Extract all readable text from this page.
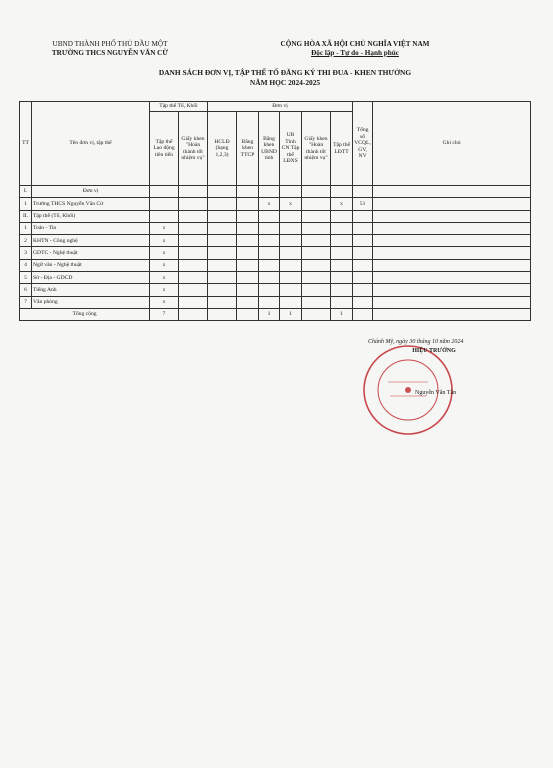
UBND THÀNH PHỐ THỦ DẦU MỘT
TRƯỜNG THCS NGUYỄN VĂN CỪ
CỘNG HÒA XÃ HỘI CHỦ NGHĨA VIỆT NAM
Độc lập - Tự do - Hạnh phúc
DANH SÁCH ĐƠN VỊ, TẬP THỂ TỔ ĐĂNG KÝ THI ĐUA - KHEN THƯỞNG
NĂM HỌC 2024-2025
TT	Tên đơn vị, tập thể	Tập thể Tổ, Khối		Đơn vị						Tổng số VCQL, GV, NV	Ghi chú
		Tập thể Lao động tiên tiến	Giấy khen "Hoàn thành tốt nhiệm vụ"	HCLĐ (hạng 1,2,3)	Bằng khen TTCP	Bằng khen UBND tỉnh	UB Tỉnh CN Tập thể LĐXS	Giấy khen "Hoàn thành tốt nhiệm vụ"	Tập thể LĐTT		
I.	Đơn vị										
1	Trường THCS Nguyễn Văn Cừ					x	x		x	51	
II.	Tập thể (Tổ, Khối)										
1	Toán - Tin	x									
2	KHTN - Công nghệ	x									
3	GDTC - Nghệ thuật	x									
4	Ngữ văn - Nghệ thuật	x									
5	Sử - Địa - GDCD	x									
6	Tiếng Anh	x									
7	Văn phòng	x									
Tổng cộng		7				1	1		1		
Chánh Mỹ, ngày 30 tháng 10 năm 2024
HIỆU TRƯỞNG
Nguyễn Văn Tân
